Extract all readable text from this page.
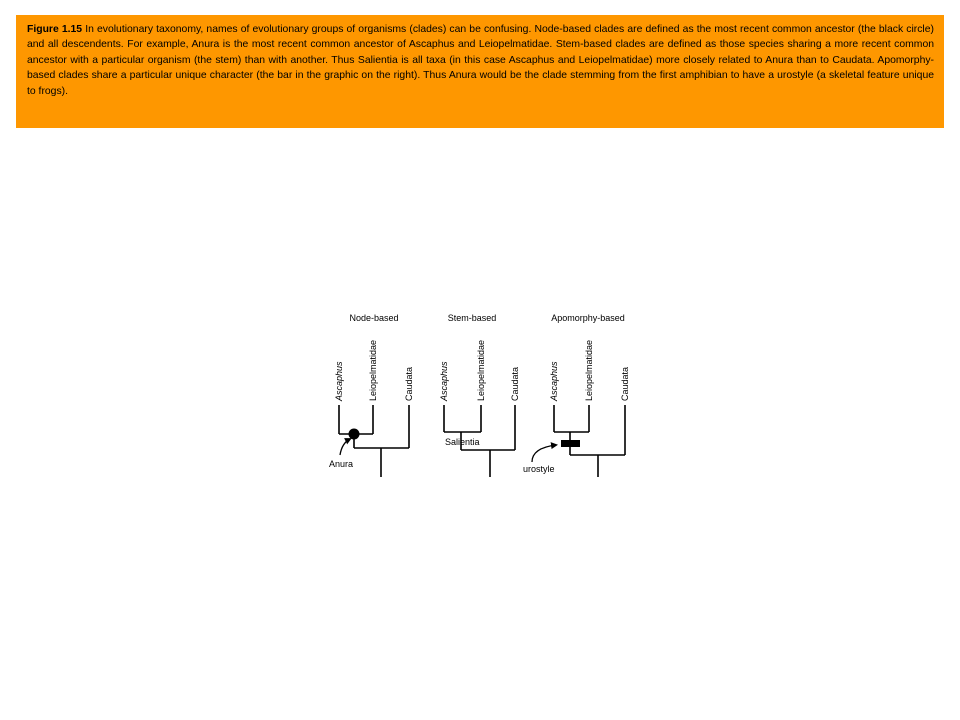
Figure 1.15 In evolutionary taxonomy, names of evolutionary groups of organisms (clades) can be confusing. Node-based clades are defined as the most recent common ancestor (the black circle) and all descendents. For example, Anura is the most recent common ancestor of Ascaphus and Leiopelmatidae. Stem-based clades are defined as those species sharing a more recent common ancestor with a particular organism (the stem) than with another. Thus Salientia is all taxa (in this case Ascaphus and Leiopelmatidae) more closely related to Anura than to Caudata. Apomorphy-based clades share a particular unique character (the bar in the graphic on the right). Thus Anura would be the clade stemming from the first amphibian to have a urostyle (a skeletal feature unique to frogs).

Node-based
Ascaphus	Leiopelmatidae	Caudata
Anura
Stem-based
Ascaphus	Leiopelmatidae	Caudata
Salientia
Apomorphy-based
Ascaphus	Leiopelmatidae	Caudata
urostyle
